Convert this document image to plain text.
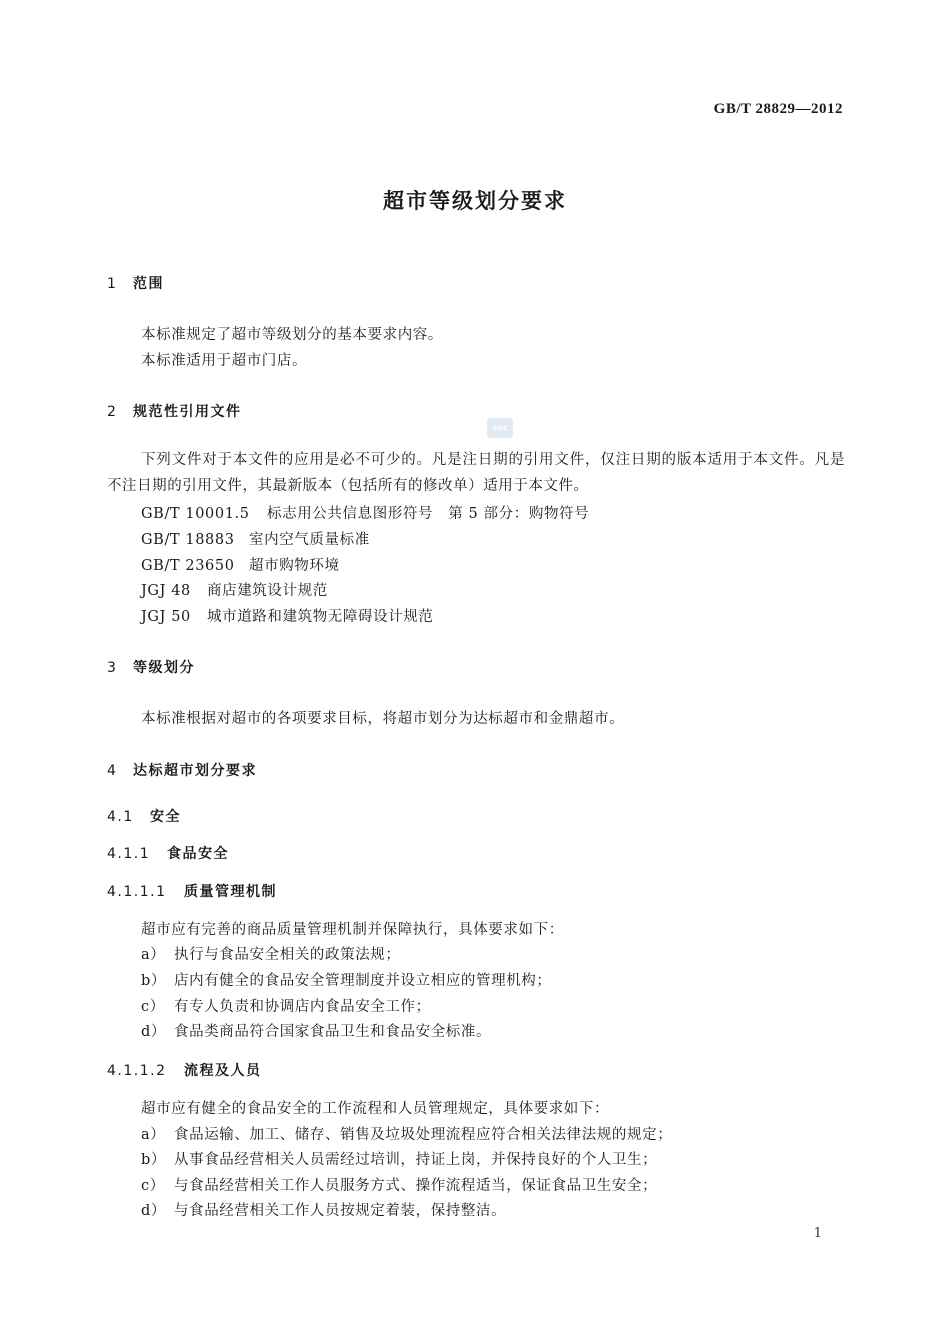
GB/T 28829—2012
超市等级划分要求
1 范围
本标准规定了超市等级划分的基本要求内容。
本标准适用于超市门店。
sac
2 规范性引用文件
下列文件对于本文件的应用是必不可少的。凡是注日期的引用文件，仅注日期的版本适用于本文件。凡是不注日期的引用文件，其最新版本（包括所有的修改单）适用于本文件。
GB/T 10001.5 标志用公共信息图形符号　第 5 部分：购物符号
GB/T 18883 室内空气质量标准
GB/T 23650 超市购物环境
JGJ 48 商店建筑设计规范
JGJ 50 城市道路和建筑物无障碍设计规范
3 等级划分
本标准根据对超市的各项要求目标，将超市划分为达标超市和金鼎超市。
4 达标超市划分要求
4.1 安全
4.1.1 食品安全
4.1.1.1 质量管理机制
超市应有完善的商品质量管理机制并保障执行，具体要求如下：
a） 执行与食品安全相关的政策法规；
b） 店内有健全的食品安全管理制度并设立相应的管理机构；
c） 有专人负责和协调店内食品安全工作；
d） 食品类商品符合国家食品卫生和食品安全标准。
4.1.1.2 流程及人员
超市应有健全的食品安全的工作流程和人员管理规定，具体要求如下：
a） 食品运输、加工、储存、销售及垃圾处理流程应符合相关法律法规的规定；
b） 从事食品经营相关人员需经过培训，持证上岗，并保持良好的个人卫生；
c） 与食品经营相关工作人员服务方式、操作流程适当，保证食品卫生安全；
d） 与食品经营相关工作人员按规定着装，保持整洁。
1
